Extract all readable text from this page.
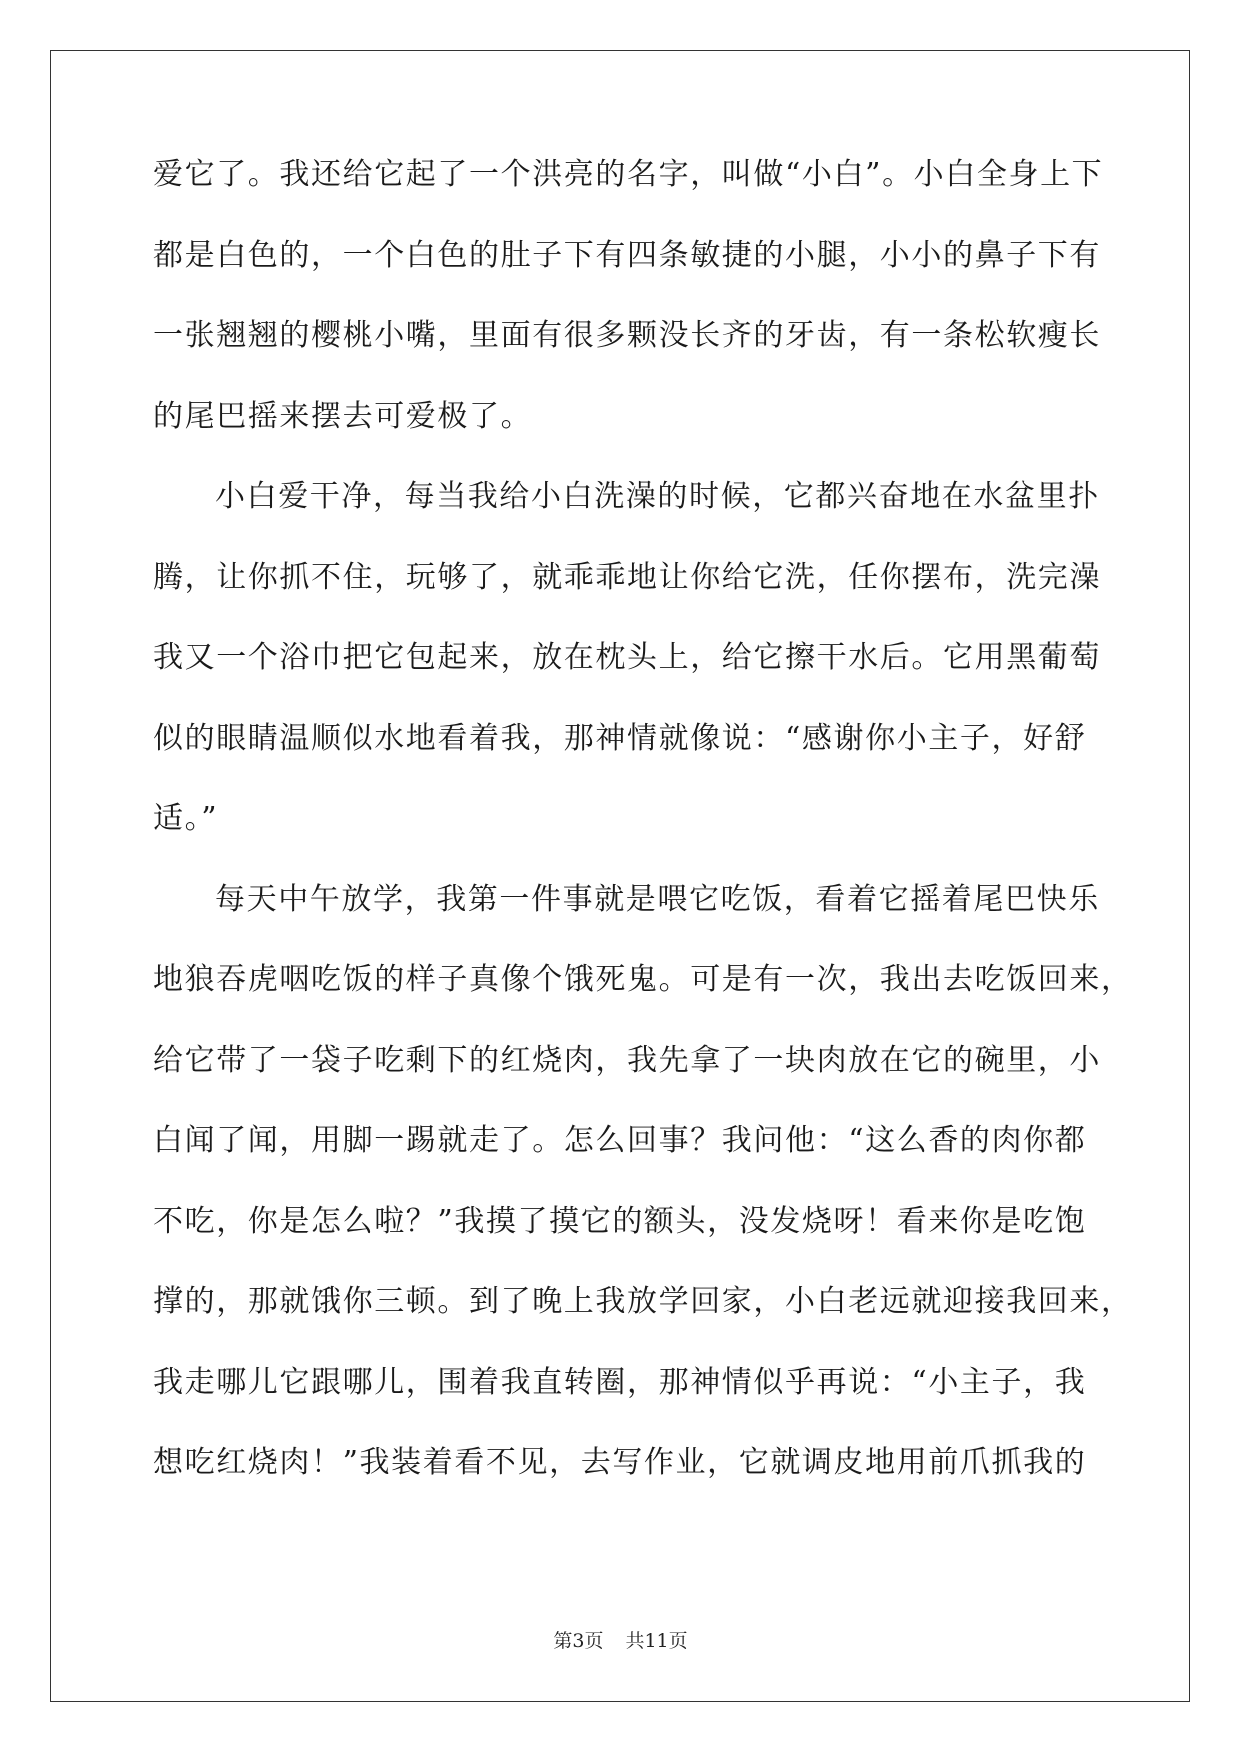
爱它了。我还给它起了一个洪亮的名字，叫做“小白”。小白全身上下
都是白色的，一个白色的肚子下有四条敏捷的小腿，小小的鼻子下有
一张翘翘的樱桃小嘴，里面有很多颗没长齐的牙齿，有一条松软瘦长
的尾巴摇来摆去可爱极了。
小白爱干净，每当我给小白洗澡的时候，它都兴奋地在水盆里扑
腾，让你抓不住，玩够了，就乖乖地让你给它洗，任你摆布，洗完澡
我又一个浴巾把它包起来，放在枕头上，给它擦干水后。它用黑葡萄
似的眼睛温顺似水地看着我，那神情就像说：“感谢你小主子，好舒
适。”
每天中午放学，我第一件事就是喂它吃饭，看着它摇着尾巴快乐
地狼吞虎咽吃饭的样子真像个饿死鬼。可是有一次，我出去吃饭回来，
给它带了一袋子吃剩下的红烧肉，我先拿了一块肉放在它的碗里，小
白闻了闻，用脚一踢就走了。怎么回事？我问他：“这么香的肉你都
不吃，你是怎么啦？”我摸了摸它的额头，没发烧呀！看来你是吃饱
撑的，那就饿你三顿。到了晚上我放学回家，小白老远就迎接我回来，
我走哪儿它跟哪儿，围着我直转圈，那神情似乎再说：“小主子，我
想吃红烧肉！”我装着看不见，去写作业，它就调皮地用前爪抓我的
第3页 共11页
